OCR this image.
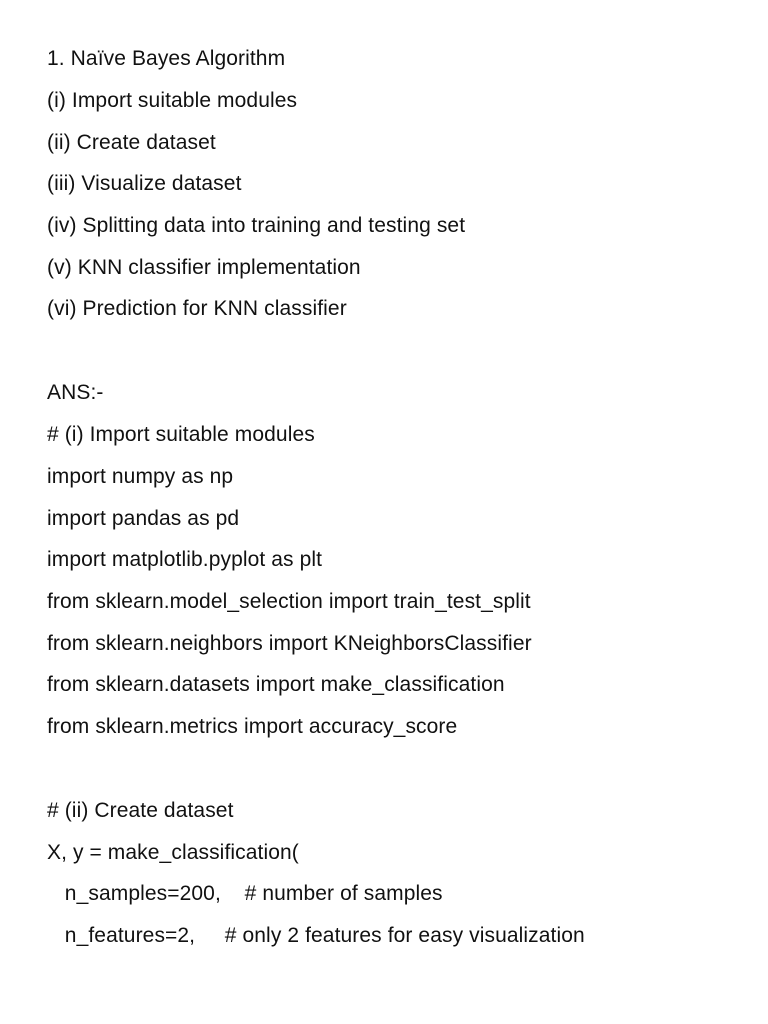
1. Naïve Bayes Algorithm
(i) Import suitable modules
(ii) Create dataset
(iii) Visualize dataset
(iv) Splitting data into training and testing set
(v) KNN classifier implementation
(vi) Prediction for KNN classifier
ANS:-
# (i) Import suitable modules
import numpy as np
import pandas as pd
import matplotlib.pyplot as plt
from sklearn.model_selection import train_test_split
from sklearn.neighbors import KNeighborsClassifier
from sklearn.datasets import make_classification
from sklearn.metrics import accuracy_score
# (ii) Create dataset
X, y = make_classification(
n_samples=200,    # number of samples
n_features=2,     # only 2 features for easy visualization
